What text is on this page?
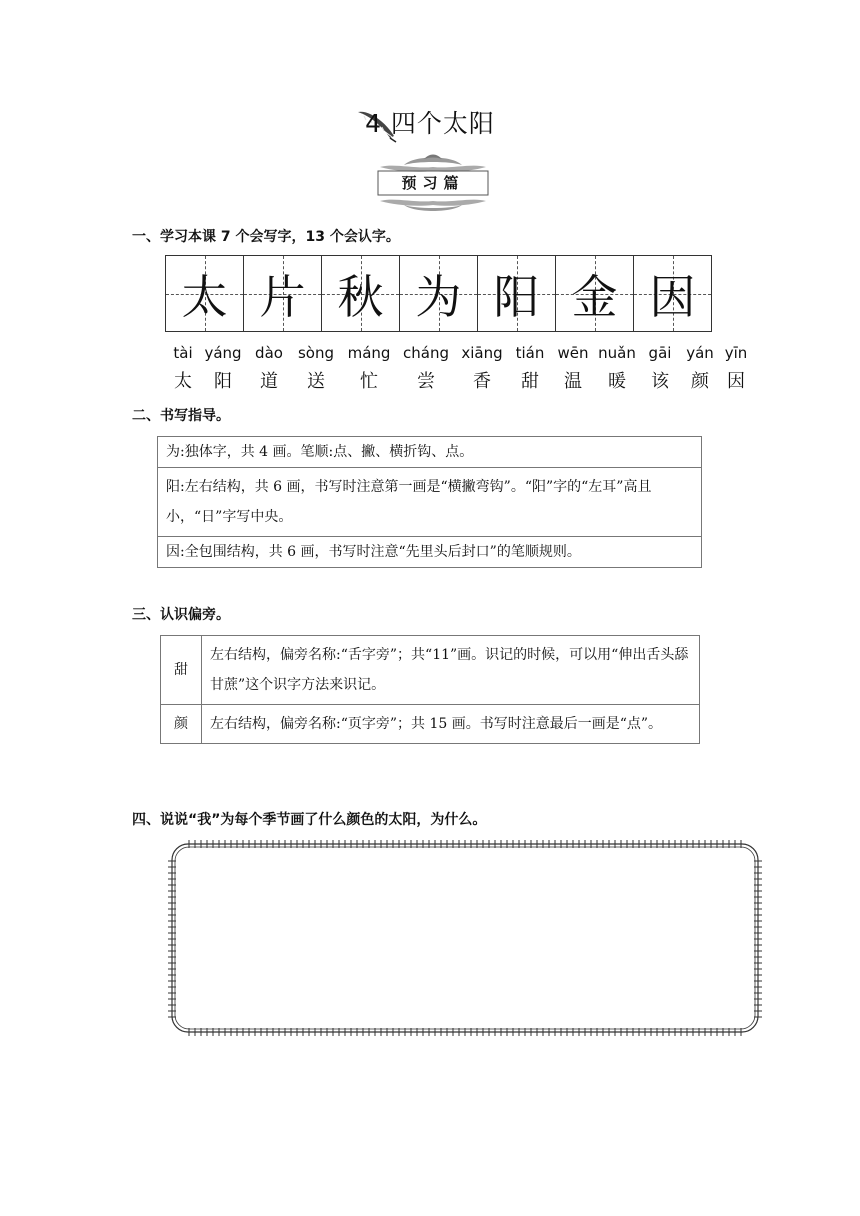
4 四个太阳
预习篇
一、学习本课 7 个会写字，13 个会认字。
太 片 秋 为 阳 金 因
tài yáng dào	sòng máng cháng xiāng tián wēn nuǎn gāi yán yīn
太	阳	道	送	忙	尝	香	甜	温	暖	该	颜	因
二、书写指导。
为:独体字，共 4 画。笔顺:点、撇、横折钩、点。
阳:左右结构，共 6 画，书写时注意第一画是“横撇弯钩”。“阳”字的“左耳”高且小，“日”字写中央。
因:全包围结构，共 6 画，书写时注意“先里头后封口”的笔顺规则。
三、认识偏旁。
甜	左右结构，偏旁名称:“舌字旁”；共“11”画。识记的时候，可以用“伸出舌头舔甘蔗”这个识字方法来识记。
颜	左右结构，偏旁名称:“页字旁”；共 15 画。书写时注意最后一画是“点”。
四、说说“我”为每个季节画了什么颜色的太阳，为什么。
